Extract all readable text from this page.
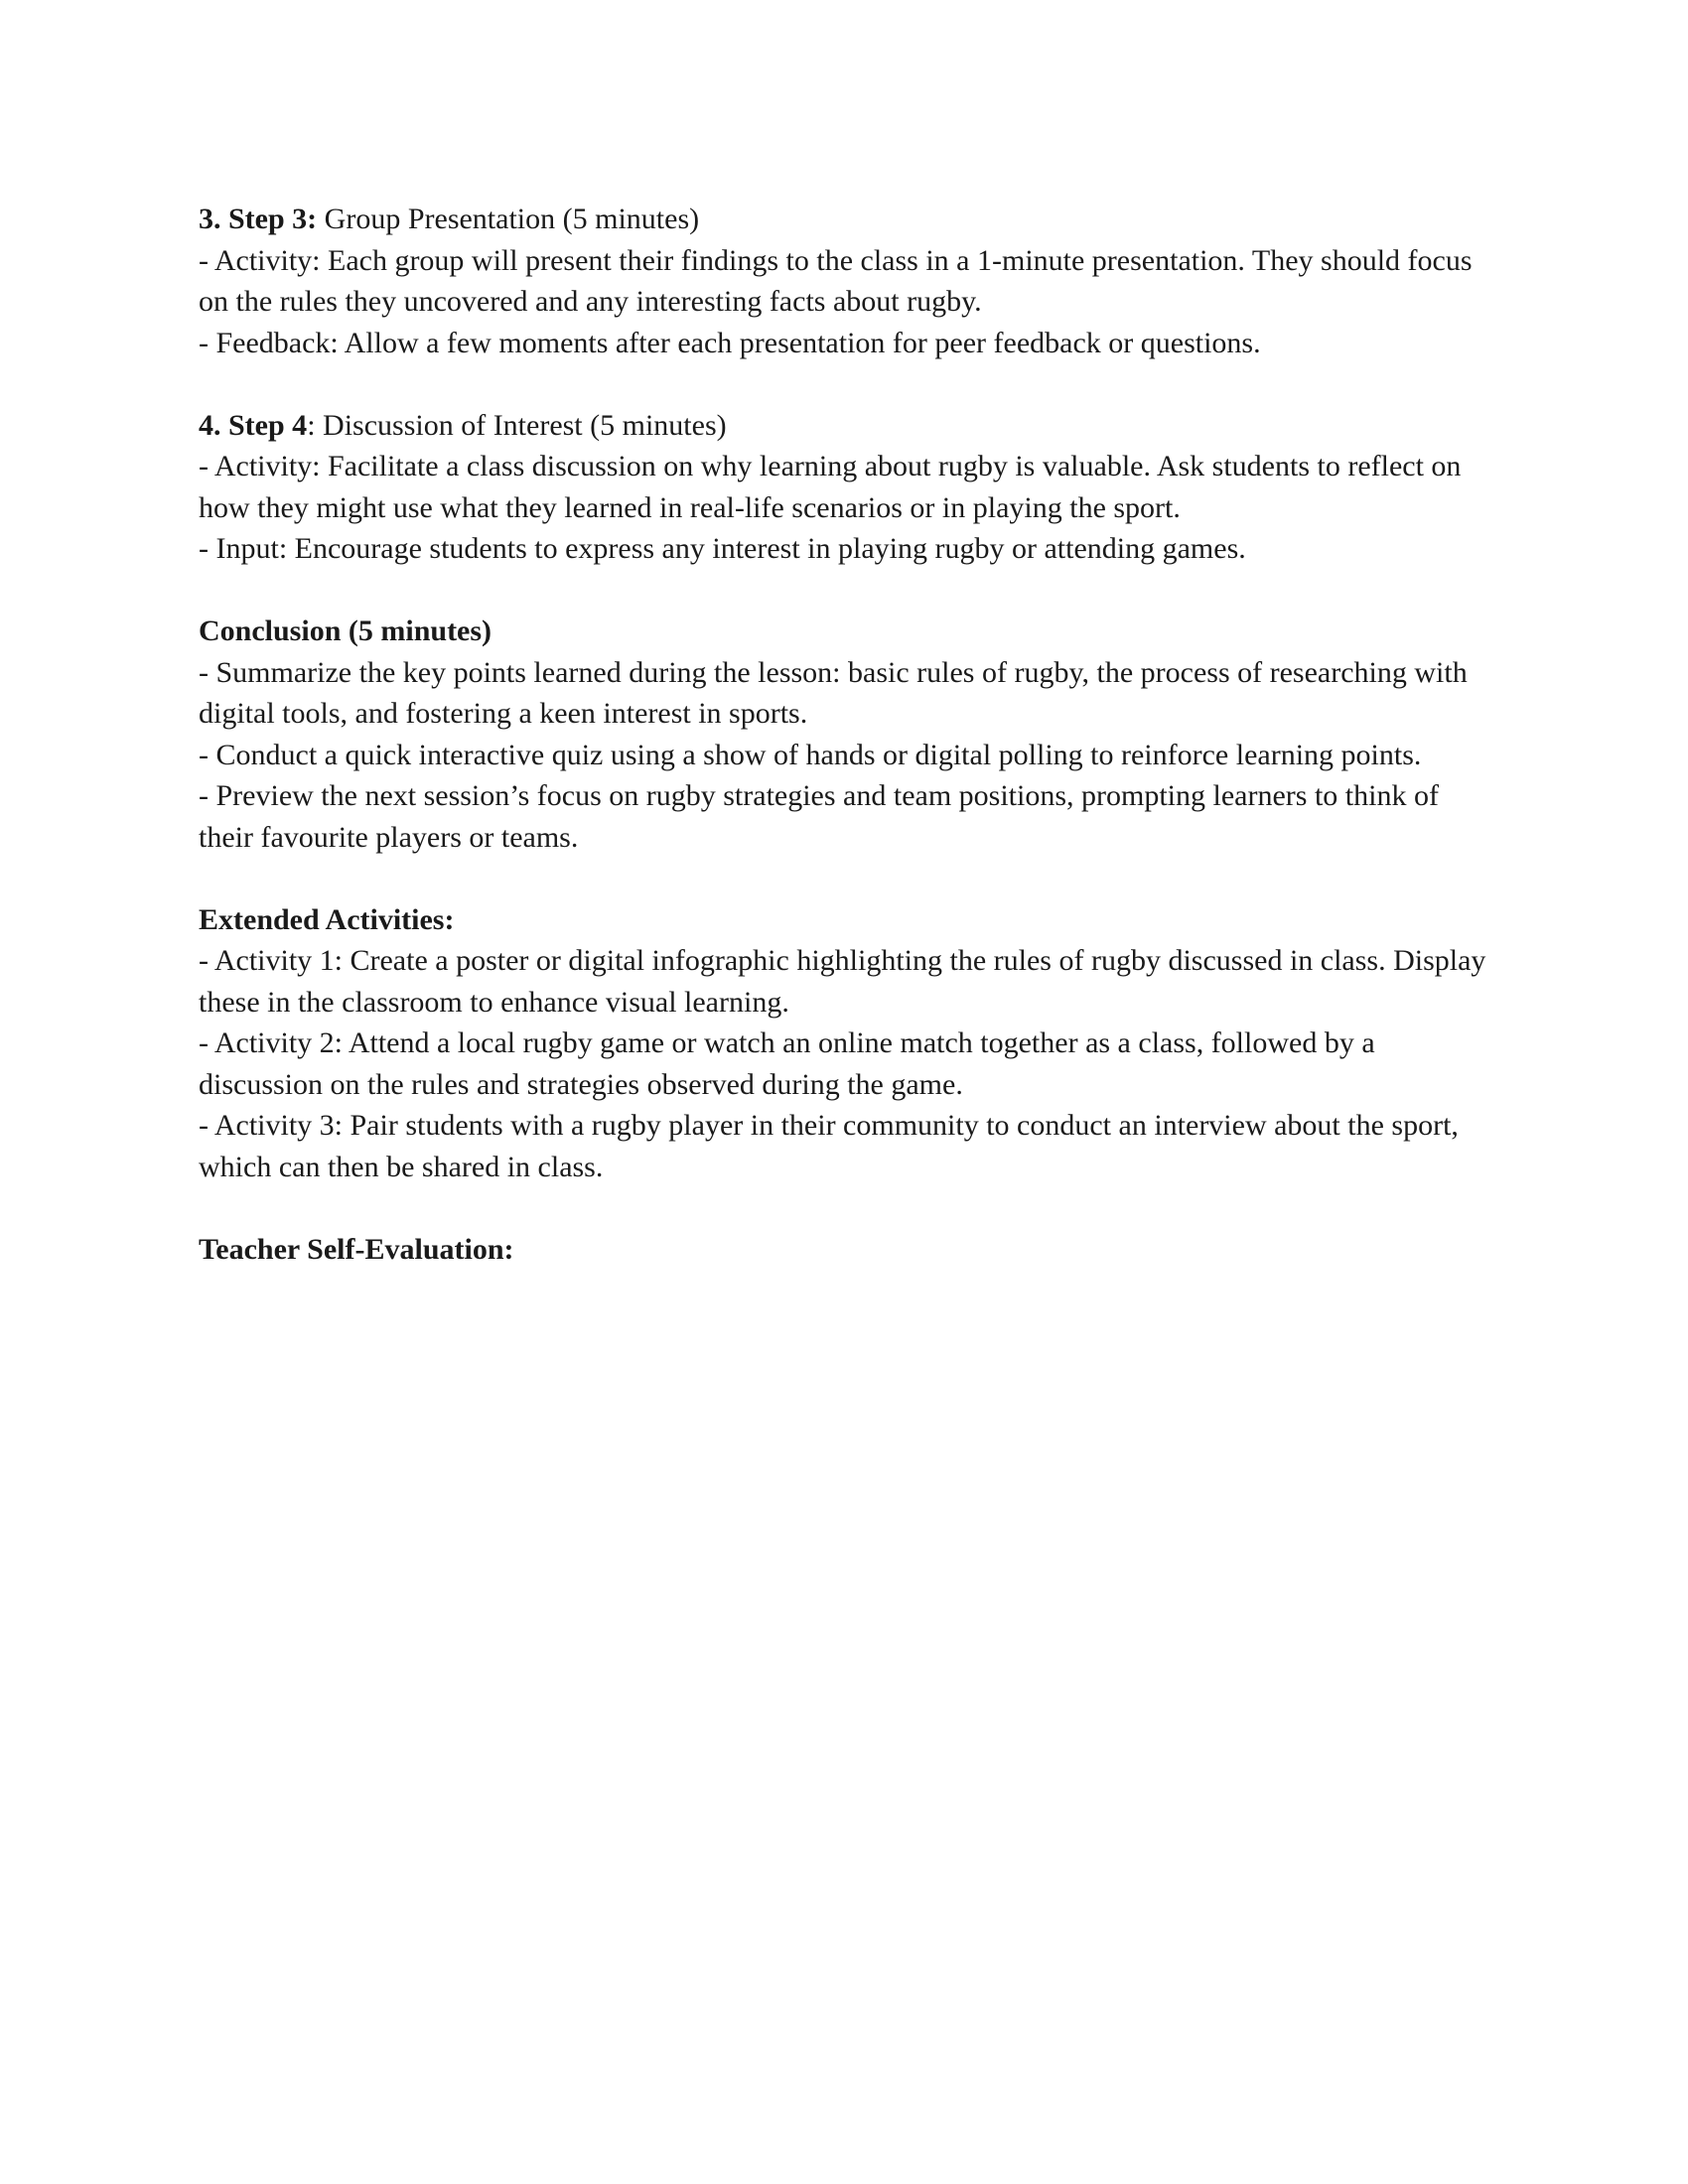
3. Step 3: Group Presentation (5 minutes)

- Activity: Each group will present their findings to the class in a 1-minute presentation. They should focus on the rules they uncovered and any interesting facts about rugby.

- Feedback: Allow a few moments after each presentation for peer feedback or questions.

4. Step 4: Discussion of Interest (5 minutes)

- Activity: Facilitate a class discussion on why learning about rugby is valuable. Ask students to reflect on how they might use what they learned in real-life scenarios or in playing the sport.

- Input: Encourage students to express any interest in playing rugby or attending games.

Conclusion (5 minutes)

- Summarize the key points learned during the lesson: basic rules of rugby, the process of researching with digital tools, and fostering a keen interest in sports.

- Conduct a quick interactive quiz using a show of hands or digital polling to reinforce learning points.

- Preview the next session’s focus on rugby strategies and team positions, prompting learners to think of their favourite players or teams.

Extended Activities:

- Activity 1: Create a poster or digital infographic highlighting the rules of rugby discussed in class. Display these in the classroom to enhance visual learning.

- Activity 2: Attend a local rugby game or watch an online match together as a class, followed by a discussion on the rules and strategies observed during the game.

- Activity 3: Pair students with a rugby player in their community to conduct an interview about the sport, which can then be shared in class.

Teacher Self-Evaluation:
